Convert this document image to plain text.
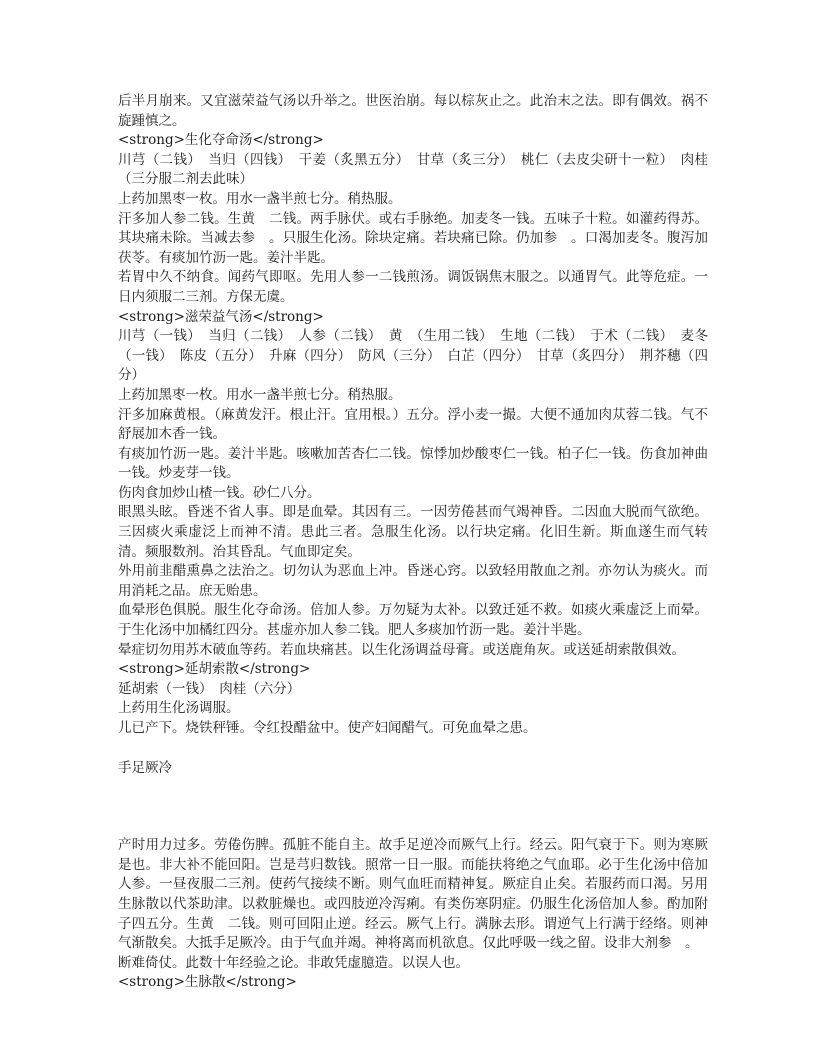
后半月崩来。又宜滋荣益气汤以升举之。世医治崩。每以棕灰止之。此治末之法。即有偶效。祸不旋踵慎之。

<strong>生化夺命汤</strong>

川芎（二钱）　当归（四钱）　干姜（炙黑五分）　甘草（炙三分）　桃仁（去皮尖研十一粒）　肉桂（三分服二剂去此味）

上药加黑枣一枚。用水一盏半煎七分。稍热服。

汗多加人参二钱。生黄　二钱。两手脉伏。或右手脉绝。加麦冬一钱。五味子十粒。如灌药得苏。其块痛未除。当减去参　。只服生化汤。除块定痛。若块痛已除。仍加参　。口渴加麦冬。腹泻加茯苓。有痰加竹沥一匙。姜汁半匙。

若胃中久不纳食。闻药气即呕。先用人参一二钱煎汤。调饭锅焦末服之。以通胃气。此等危症。一日内须服二三剂。方保无虞。

<strong>滋荣益气汤</strong>

川芎（一钱）　当归（二钱）　人参（二钱）　黄　（生用二钱）　生地（二钱）　于术（二钱）　麦冬（一钱）　陈皮（五分）　升麻（四分）　防风（三分）　白芷（四分）　甘草（炙四分）　荆芥穗（四分）

上药加黑枣一枚。用水一盏半煎七分。稍热服。

汗多加麻黄根。（麻黄发汗。根止汗。宜用根。）五分。浮小麦一撮。大便不通加肉苁蓉二钱。气不舒展加木香一钱。

有痰加竹沥一匙。姜汁半匙。咳嗽加苦杏仁二钱。惊悸加炒酸枣仁一钱。柏子仁一钱。伤食加神曲一钱。炒麦芽一钱。

伤肉食加炒山楂一钱。砂仁八分。

眼黑头眩。昏迷不省人事。即是血晕。其因有三。一因劳倦甚而气竭神昏。二因血大脱而气欲绝。三因痰火乘虚泛上而神不清。患此三者。急服生化汤。以行块定痛。化旧生新。斯血遂生而气转清。频服数剂。治其昏乱。气血即定矣。

外用前韭醋熏鼻之法治之。切勿认为恶血上冲。昏迷心窍。以致轻用散血之剂。亦勿认为痰火。而用消耗之品。庶无贻患。

血晕形色俱脱。服生化夺命汤。倍加人参。万勿疑为太补。以致迁延不救。如痰火乘虚泛上而晕。于生化汤中加橘红四分。甚虚亦加人参二钱。肥人多痰加竹沥一匙。姜汁半匙。

晕症切勿用苏木破血等药。若血块痛甚。以生化汤调益母膏。或送鹿角灰。或送延胡索散俱效。

<strong>延胡索散</strong>

延胡索（一钱）　肉桂（六分）

上药用生化汤调服。

儿已产下。烧铁秤锤。令红投醋盆中。使产妇闻醋气。可免血晕之患。

手足厥冷

产时用力过多。劳倦伤脾。孤脏不能自主。故手足逆冷而厥气上行。经云。阳气衰于下。则为寒厥是也。非大补不能回阳。岂是芎归数钱。照常一日一服。而能扶将绝之气血耶。必于生化汤中倍加人参。一昼夜服二三剂。使药气接续不断。则气血旺而精神复。厥症自止矣。若服药而口渴。另用生脉散以代茶助津。以救脏燥也。或四肢逆冷泻痢。有类伤寒阴症。仍服生化汤倍加人参。酌加附子四五分。生黄　二钱。则可回阳止逆。经云。厥气上行。满脉去形。谓逆气上行满于经络。则神气渐散矣。大抵手足厥冷。由于气血并竭。神将离而机欲息。仅此呼吸一线之留。设非大剂参　。

断难倚仗。此数十年经验之论。非敢凭虚臆造。以误人也。

<strong>生脉散</strong>
